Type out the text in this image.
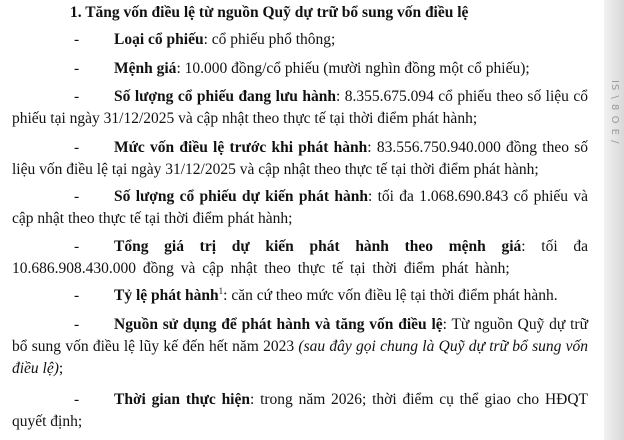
1. Tăng vốn điều lệ từ nguồn Quỹ dự trữ bổ sung vốn điều lệ
- Loại cổ phiếu: cổ phiếu phổ thông;
- Mệnh giá: 10.000 đồng/cổ phiếu (mười nghìn đồng một cổ phiếu);
- Số lượng cổ phiếu đang lưu hành: 8.355.675.094 cổ phiếu theo số liệu cổ phiếu tại ngày 31/12/2025 và cập nhật theo thực tế tại thời điểm phát hành;
- Mức vốn điều lệ trước khi phát hành: 83.556.750.940.000 đồng theo số liệu vốn điều lệ tại ngày 31/12/2025 và cập nhật theo thực tế tại thời điểm phát hành;
- Số lượng cổ phiếu dự kiến phát hành: tối đa 1.068.690.843 cổ phiếu và cập nhật theo thực tế tại thời điểm phát hành;
- Tổng giá trị dự kiến phát hành theo mệnh giá: tối đa 10.686.908.430.000 đồng và cập nhật theo thực tế tại thời điểm phát hành;
- Tỷ lệ phát hành$^1$: căn cứ theo mức vốn điều lệ tại thời điểm phát hành.
- Nguồn sử dụng để phát hành và tăng vốn điều lệ: Từ nguồn Quỹ dự trữ bổ sung vốn điều lệ lũy kế đến hết năm 2023 (sau đây gọi chung là Quỹ dự trữ bổ sung vốn điều lệ);
- Thời gian thực hiện: trong năm 2026; thời điểm cụ thể giao cho HĐQT quyết định;
IS \ 8 O E /
